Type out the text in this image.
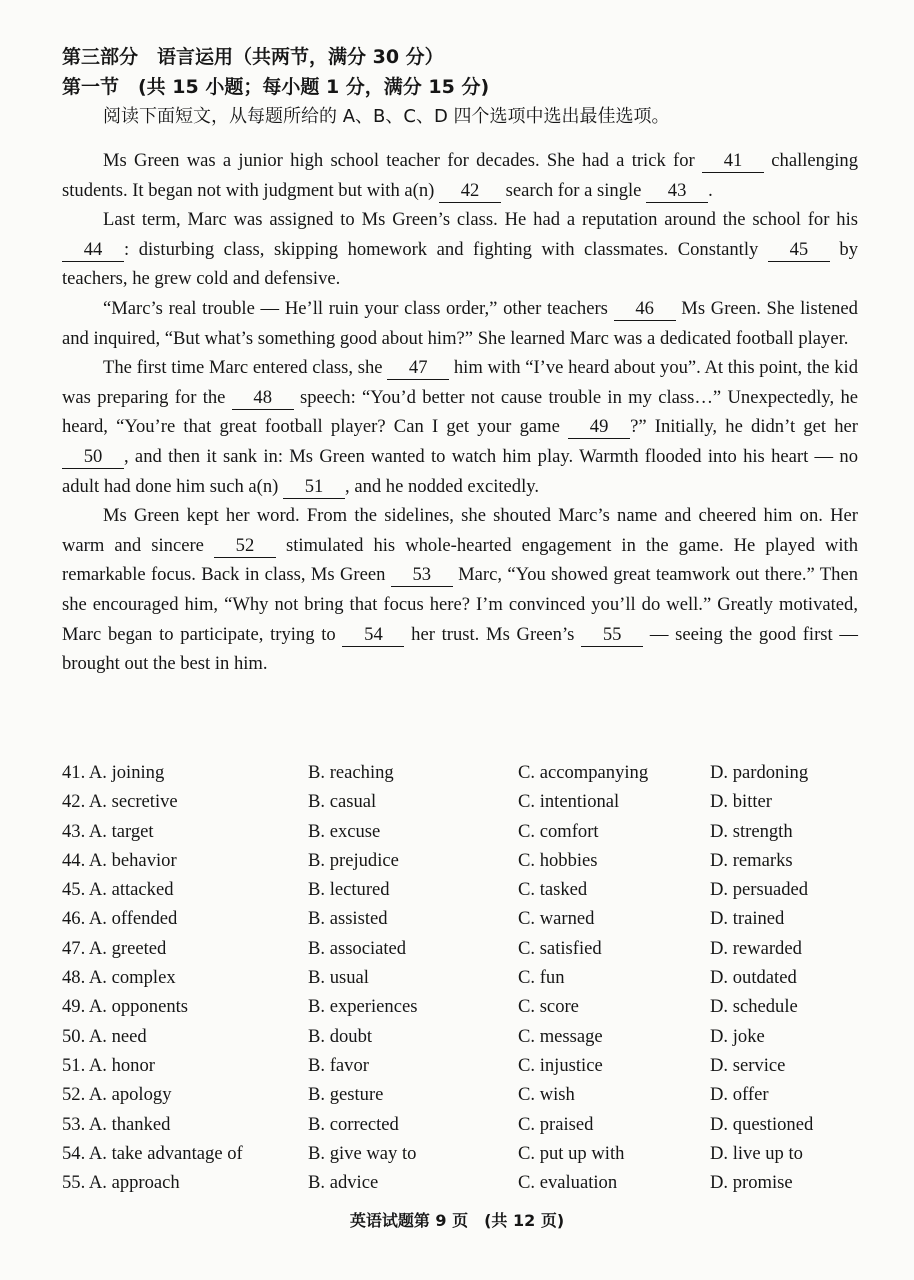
第三部分　语言运用（共两节，满分 30 分）
第一节　(共 15 小题；每小题 1 分，满分 15 分)
阅读下面短文，从每题所给的 A、B、C、D 四个选项中选出最佳选项。

Ms Green was a junior high school teacher for decades. She had a trick for 41 challenging students. It began not with judgment but with a(n) 42 search for a single 43 .

Last term, Marc was assigned to Ms Green’s class. He had a reputation around the school for his 44 : disturbing class, skipping homework and fighting with classmates. Constantly 45 by teachers, he grew cold and defensive.

“Marc’s real trouble — He’ll ruin your class order,” other teachers 46 Ms Green. She listened and inquired, “But what’s something good about him?” She learned Marc was a dedicated football player.

The first time Marc entered class, she 47 him with “I’ve heard about you”. At this point, the kid was preparing for the 48 speech: “You’d better not cause trouble in my class…” Unexpectedly, he heard, “You’re that great football player? Can I get your game 49 ?” Initially, he didn’t get her 50 , and then it sank in: Ms Green wanted to watch him play. Warmth flooded into his heart — no adult had done him such a(n) 51 , and he nodded excitedly.

Ms Green kept her word. From the sidelines, she shouted Marc’s name and cheered him on. Her warm and sincere 52 stimulated his whole-hearted engagement in the game. He played with remarkable focus. Back in class, Ms Green 53 Marc, “You showed great teamwork out there.” Then she encouraged him, “Why not bring that focus here? I’m convinced you’ll do well.” Greatly motivated, Marc began to participate, trying to 54 her trust. Ms Green’s 55 — seeing the good first — brought out the best in him.

41. A. joining	B. reaching	C. accompanying	D. pardoning
42. A. secretive	B. casual	C. intentional	D. bitter
43. A. target	B. excuse	C. comfort	D. strength
44. A. behavior	B. prejudice	C. hobbies	D. remarks
45. A. attacked	B. lectured	C. tasked	D. persuaded
46. A. offended	B. assisted	C. warned	D. trained
47. A. greeted	B. associated	C. satisfied	D. rewarded
48. A. complex	B. usual	C. fun	D. outdated
49. A. opponents	B. experiences	C. score	D. schedule
50. A. need	B. doubt	C. message	D. joke
51. A. honor	B. favor	C. injustice	D. service
52. A. apology	B. gesture	C. wish	D. offer
53. A. thanked	B. corrected	C. praised	D. questioned
54. A. take advantage of	B. give way to	C. put up with	D. live up to
55. A. approach	B. advice	C. evaluation	D. promise
英语试题第 9 页　(共 12 页)
